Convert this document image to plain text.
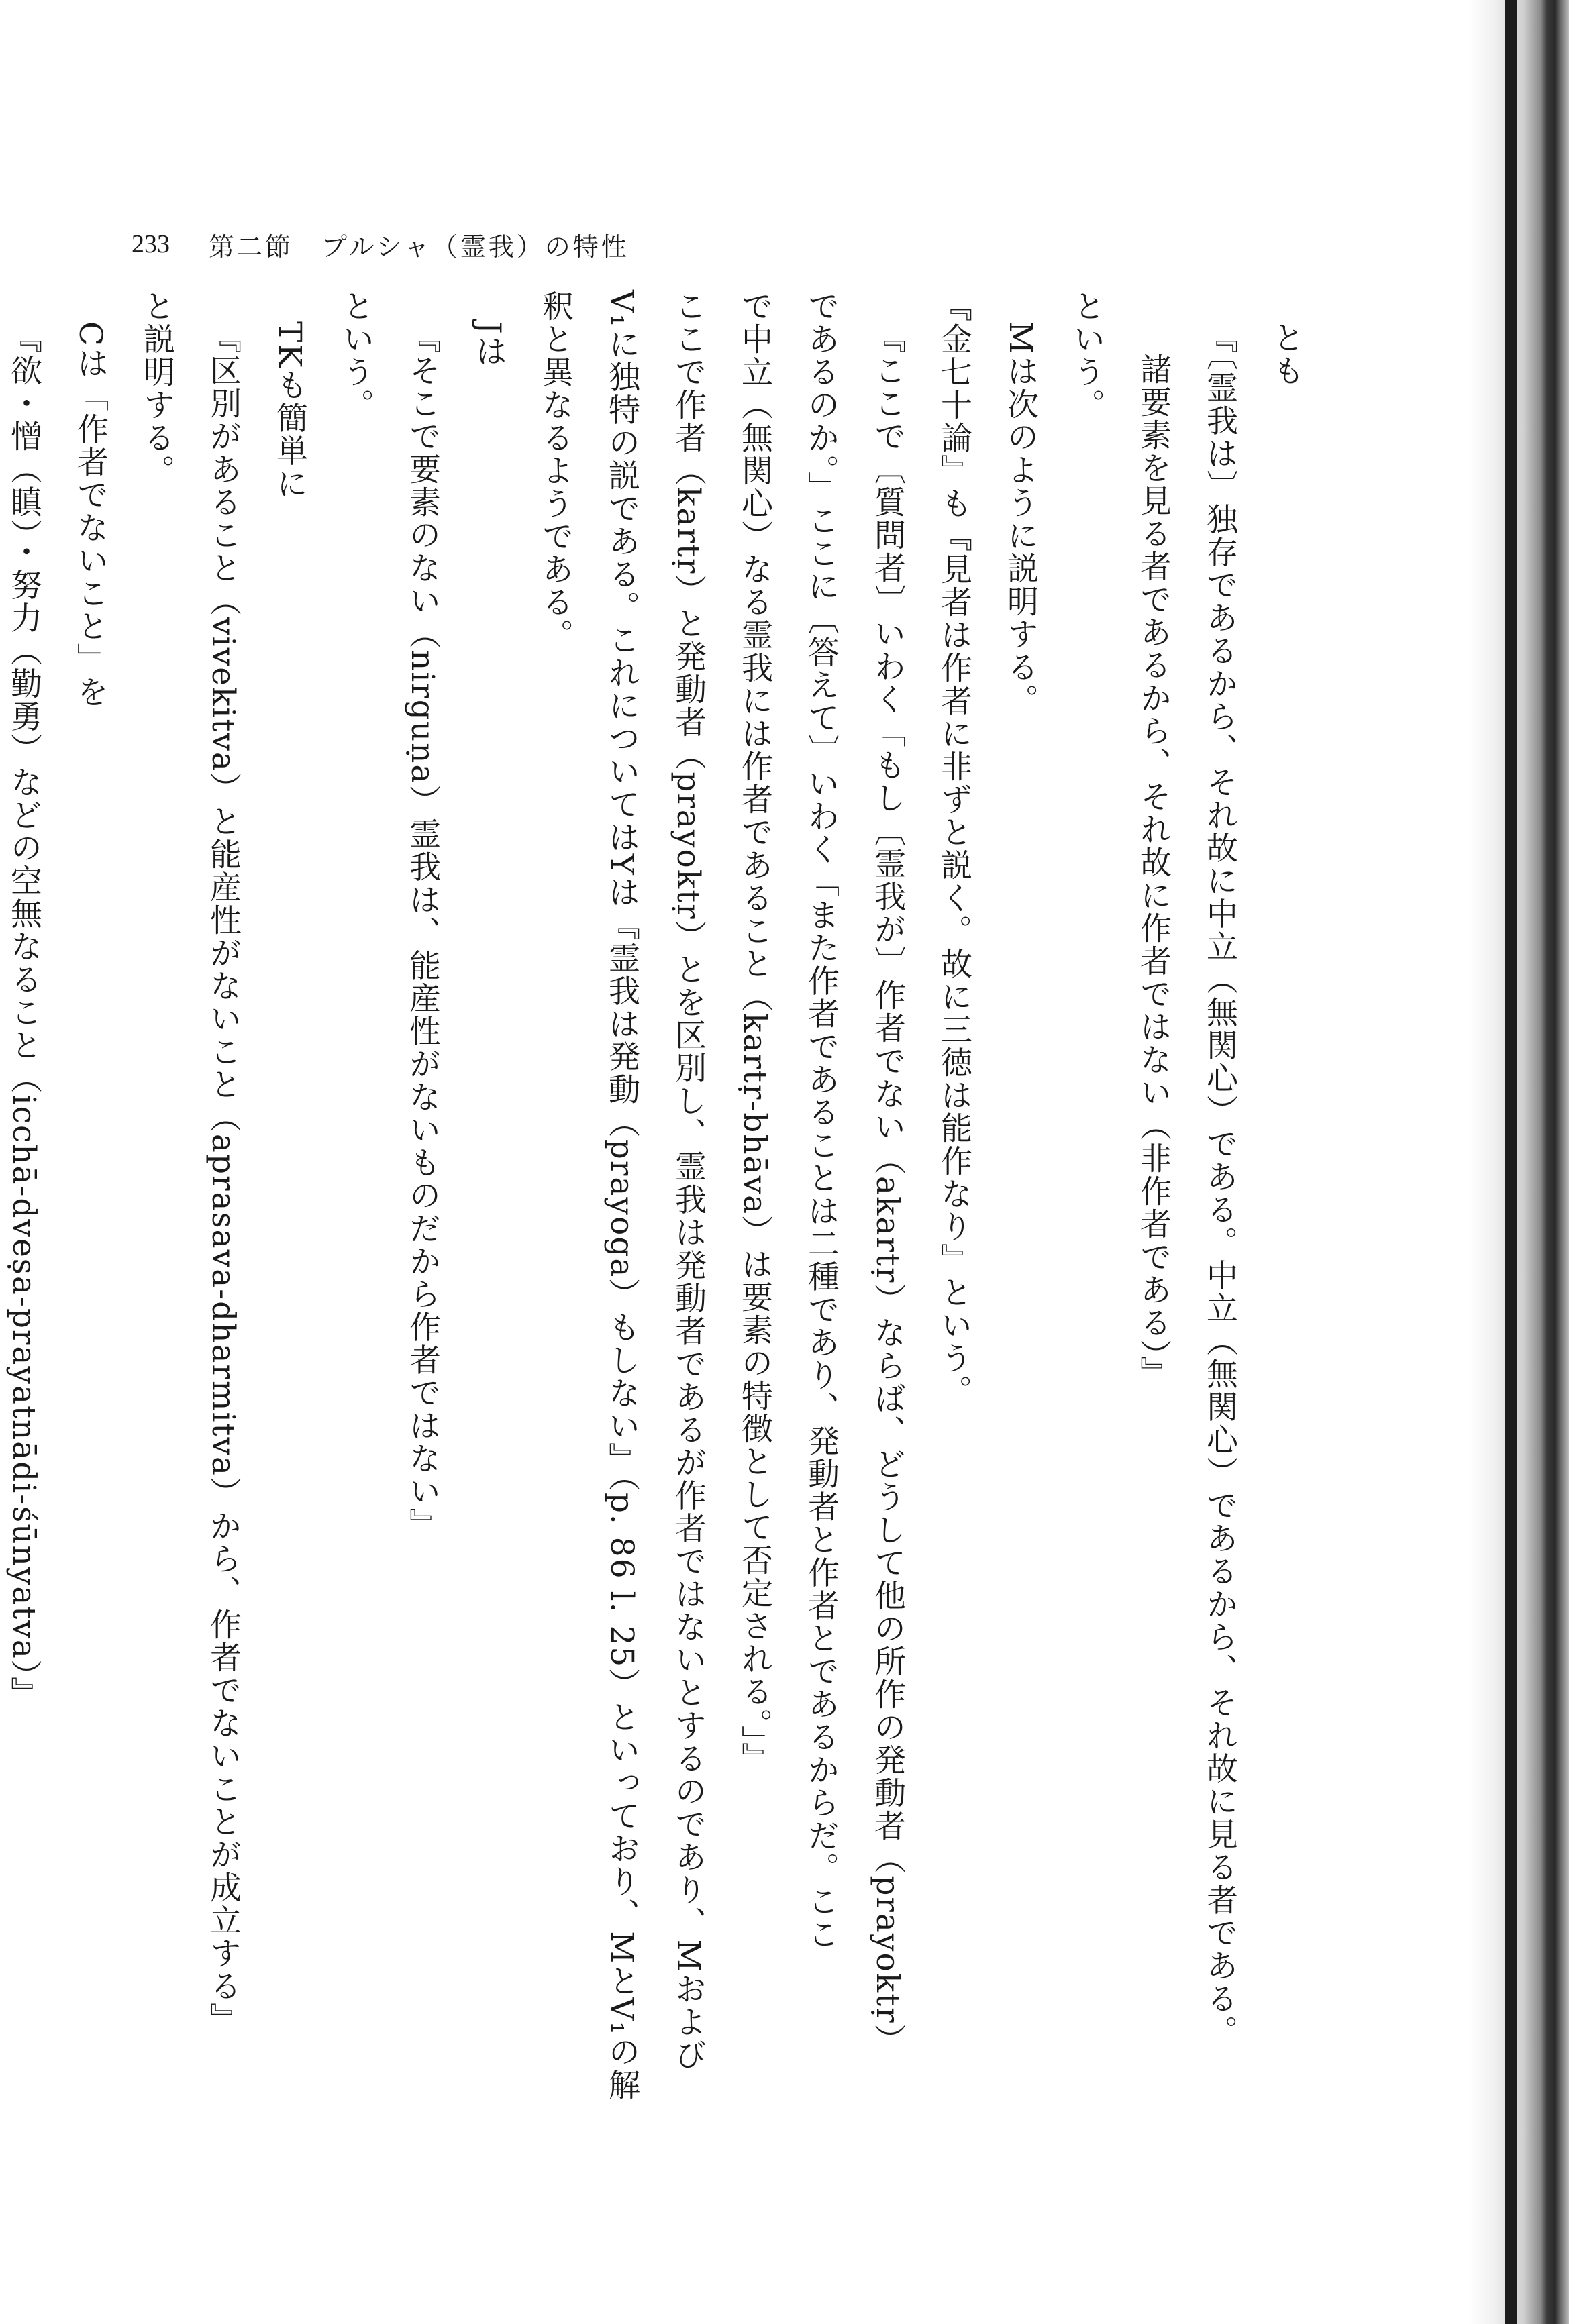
233 第二節　プルシャ（霊我）の特性
とも
『〔霊我は〕独存であるから、それ故に中立（無関心）である。中立（無関心）であるから、それ故に見る者である。
諸要素を見る者であるから、それ故に作者ではない（非作者である）』
という。
Mは次のように説明する。
『金七十論』も『見者は作者に非ずと説く。故に三徳は能作なり』という。
『ここで〔質問者〕いわく「もし〔霊我が〕作者でない（akartṛ）ならば、どうして他の所作の発動者（prayoktṛ）
であるのか。」ここに〔答えて〕いわく「また作者であることは二種であり、発動者と作者とであるからだ。ここ
で中立（無関心）なる霊我には作者であること（kartṛ-bhāva）は要素の特徴として否定される。」』
ここで作者（kartṛ）と発動者（prayoktṛ）とを区別し、霊我は発動者であるが作者ではないとするのであり、Mおよび
V₁に独特の説である。これについてはYは『霊我は発動（prayoga）もしない』（p. 86 l. 25）といっており、MとV₁の解
釈と異なるようである。
Jは
『そこで要素のない（nirguṇa）霊我は、能産性がないものだから作者ではない』
という。
TKも簡単に
『区別があること（vivekitva）と能産性がないこと（aprasava-dharmitva）から、作者でないことが成立する』
と説明する。
Cは「作者でないこと」を
『欲・憎（瞋）・努力（勤勇）などの空無なること（icchā-dveṣa-prayatnādi-śūnyatva）』
